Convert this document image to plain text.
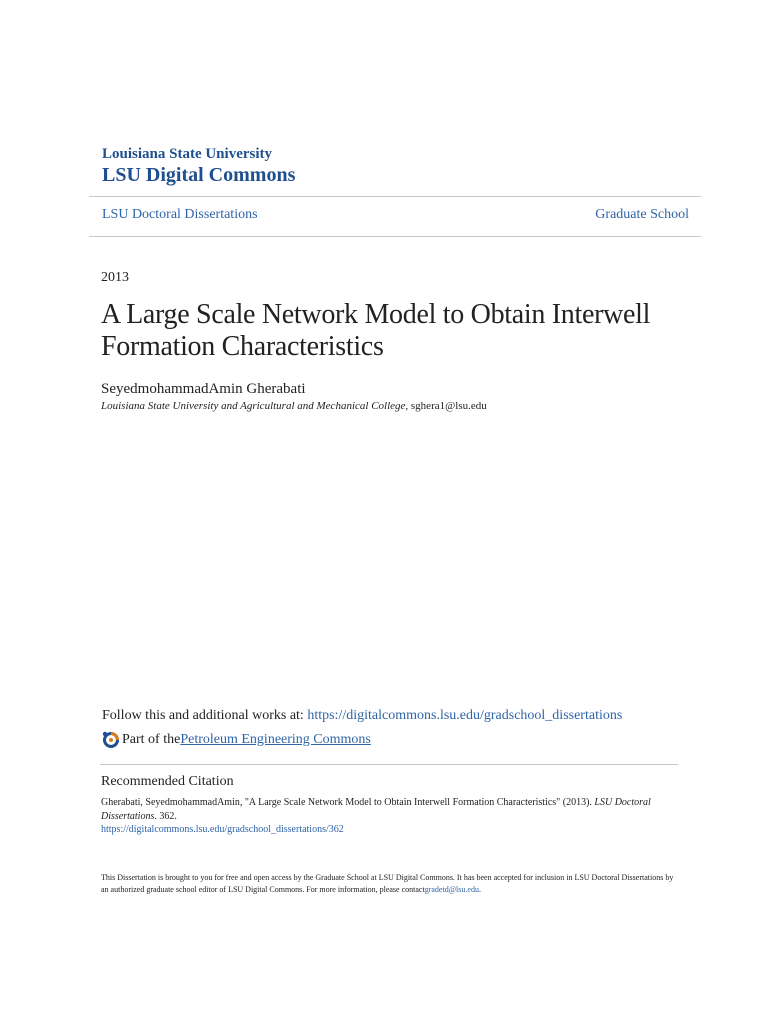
Louisiana State University
LSU Digital Commons
LSU Doctoral Dissertations	Graduate School
2013
A Large Scale Network Model to Obtain Interwell Formation Characteristics
SeyedmohammadAmin Gherabati
Louisiana State University and Agricultural and Mechanical College, sghera1@lsu.edu
Follow this and additional works at: https://digitalcommons.lsu.edu/gradschool_dissertations
Part of the Petroleum Engineering Commons
Recommended Citation
Gherabati, SeyedmohammadAmin, "A Large Scale Network Model to Obtain Interwell Formation Characteristics" (2013). LSU Doctoral Dissertations. 362.
https://digitalcommons.lsu.edu/gradschool_dissertations/362
This Dissertation is brought to you for free and open access by the Graduate School at LSU Digital Commons. It has been accepted for inclusion in LSU Doctoral Dissertations by an authorized graduate school editor of LSU Digital Commons. For more information, please contactgradetd@lsu.edu.
